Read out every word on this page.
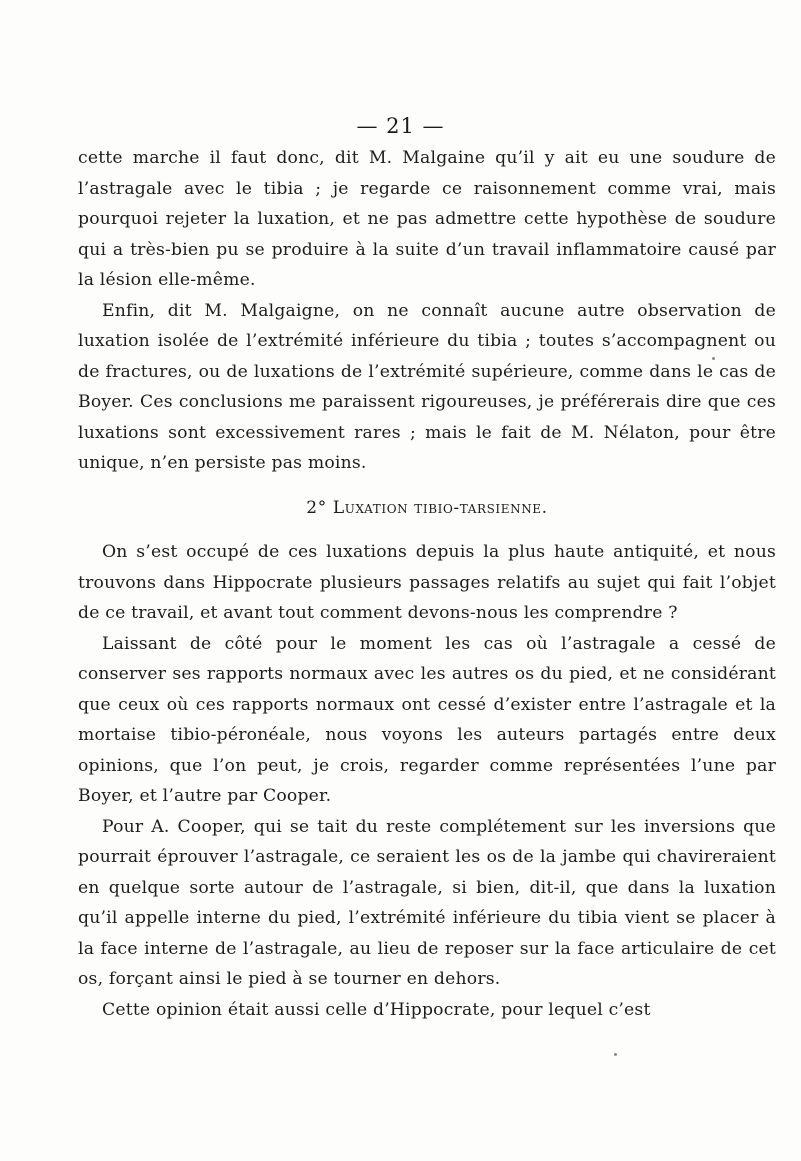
— 21 —

cette marche il faut donc, dit M. Malgaine qu’il y ait eu une soudure de l’astragale avec le tibia ; je regarde ce raisonnement comme vrai, mais pourquoi rejeter la luxation, et ne pas admettre cette hypothèse de soudure qui a très-bien pu se produire à la suite d’un travail inflammatoire causé par la lésion elle-même.

Enfin, dit M. Malgaigne, on ne connaît aucune autre observation de luxation isolée de l’extrémité inférieure du tibia ; toutes s’accompagnent ou de fractures, ou de luxations de l’extrémité supérieure, comme dans le cas de Boyer. Ces conclusions me paraissent rigoureuses, je préférerais dire que ces luxations sont excessivement rares ; mais le fait de M. Nélaton, pour être unique, n’en persiste pas moins.

2° Luxation tibio-tarsienne.

On s’est occupé de ces luxations depuis la plus haute antiquité, et nous trouvons dans Hippocrate plusieurs passages relatifs au sujet qui fait l’objet de ce travail, et avant tout comment devons-nous les comprendre ?

Laissant de côté pour le moment les cas où l’astragale a cessé de conserver ses rapports normaux avec les autres os du pied, et ne considérant que ceux où ces rapports normaux ont cessé d’exister entre l’astragale et la mortaise tibio-péronéale, nous voyons les auteurs partagés entre deux opinions, que l’on peut, je crois, regarder comme représentées l’une par Boyer, et l’autre par Cooper.

Pour A. Cooper, qui se tait du reste complétement sur les inversions que pourrait éprouver l’astragale, ce seraient les os de la jambe qui chavireraient en quelque sorte autour de l’astragale, si bien, dit-il, que dans la luxation qu’il appelle interne du pied, l’extrémité inférieure du tibia vient se placer à la face interne de l’astragale, au lieu de reposer sur la face articulaire de cet os, forçant ainsi le pied à se tourner en dehors.

Cette opinion était aussi celle d’Hippocrate, pour lequel c’est
